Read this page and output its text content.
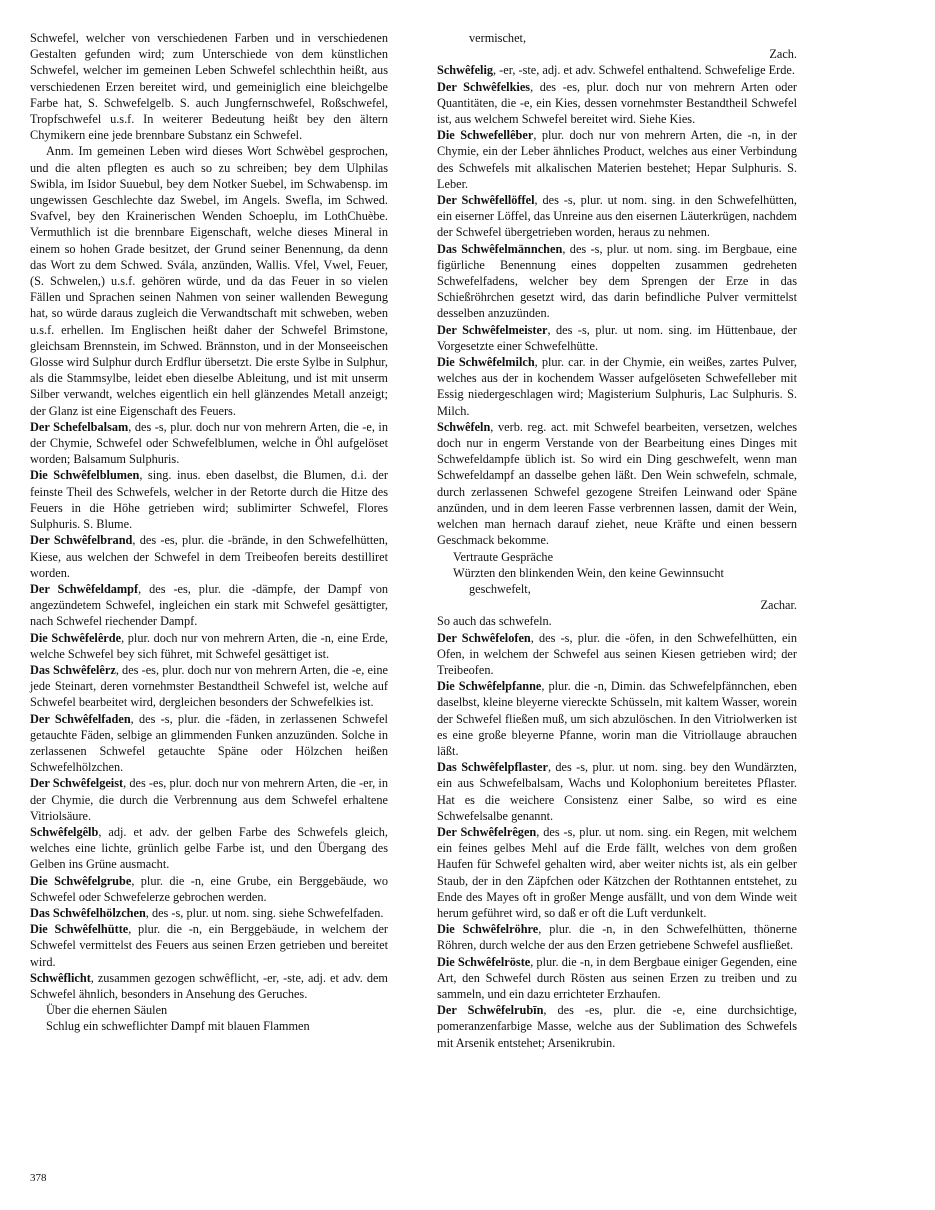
Schwefel, welcher von verschiedenen Farben und in verschiedenen Gestalten gefunden wird; zum Unterschiede von dem künstlichen Schwefel, welcher im gemeinen Leben Schwefel schlechthin heißt, aus verschiedenen Erzen bereitet wird, und gemeiniglich eine bleichgelbe Farbe hat, S. Schwefelgelb. S. auch Jungfernschwefel, Roßschwefel, Tropfschwefel u.s.f. In weiterer Bedeutung heißt bey den ältern Chymikern eine jede brennbare Substanz ein Schwefel.

Anm. Im gemeinen Leben wird dieses Wort Schwèbel gesprochen, und die alten pflegten es auch so zu schreiben; bey dem Ulphilas Swibla, im Isidor Suuebul, bey dem Notker Suebel, im Schwabensp. im ungewissen Geschlechte daz Swebel, im Angels. Swefla, im Schwed. Svafvel, bey den Krainerischen Wenden Schoeplu, im LothChuèbe. Vermuthlich ist die brennbare Eigenschaft, welche dieses Mineral in einem so hohen Grade besitzet, der Grund seiner Benennung, da denn das Wort zu dem Schwed. Svála, anzünden, Wallis. Vfel, Vwel, Feuer, (S. Schwelen,) u.s.f. gehören würde, und da das Feuer in so vielen Fällen und Sprachen seinen Nahmen von seiner wallenden Bewegung hat, so würde daraus zugleich die Verwandtschaft mit schweben, weben u.s.f. erhellen. Im Englischen heißt daher der Schwefel Brimstone, gleichsam Brennstein, im Schwed. Brännston, und in der Monseeischen Glosse wird Sulphur durch Erdflur übersetzt. Die erste Sylbe in Sulphur, als die Stammsylbe, leidet eben dieselbe Ableitung, und ist mit unserm Silber verwandt, welches eigentlich ein hell glänzendes Metall anzeigt; der Glanz ist eine Eigenschaft des Feuers.

Der Schefelbalsam, des -s, plur. doch nur von mehrern Arten, die -e, in der Chymie, Schwefel oder Schwefelblumen, welche in Öhl aufgelöset worden; Balsamum Sulphuris.

Die Schwêfelblumen, sing. inus. eben daselbst, die Blumen, d.i. der feinste Theil des Schwefels, welcher in der Retorte durch die Hitze des Feuers in die Höhe getrieben wird; sublimirter Schwefel, Flores Sulphuris. S. Blume.

Der Schwêfelbrand, des -es, plur. die -brände, in den Schwefelhütten, Kiese, aus welchen der Schwefel in dem Treibeofen bereits destilliret worden.

Der Schwêfeldampf, des -es, plur. die -dämpfe, der Dampf von angezündetem Schwefel, ingleichen ein stark mit Schwefel gesättigter, nach Schwefel riechender Dampf.

Die Schwêfelêrde, plur. doch nur von mehrern Arten, die -n, eine Erde, welche Schwefel bey sich führet, mit Schwefel gesättiget ist.

Das Schwêfelêrz, des -es, plur. doch nur von mehrern Arten, die -e, eine jede Steinart, deren vornehmster Bestandtheil Schwefel ist, welche auf Schwefel bearbeitet wird, dergleichen besonders der Schwefelkies ist.

Der Schwêfelfaden, des -s, plur. die -fäden, in zerlassenen Schwefel getauchte Fäden, selbige an glimmenden Funken anzuzünden. Solche in zerlassenen Schwefel getauchte Späne oder Hölzchen heißen Schwefelhölzchen.

Der Schwêfelgeist, des -es, plur. doch nur von mehrern Arten, die -er, in der Chymie, die durch die Verbrennung aus dem Schwefel erhaltene Vitriolsäure.

Schwêfelgêlb, adj. et adv. der gelben Farbe des Schwefels gleich, welches eine lichte, grünlich gelbe Farbe ist, und den Übergang des Gelben ins Grüne ausmacht.

Die Schwêfelgrube, plur. die -n, eine Grube, ein Berggebäude, wo Schwefel oder Schwefelerze gebrochen werden.

Das Schwêfelhölzchen, des -s, plur. ut nom. sing. siehe Schwefelfaden.

Die Schwêfelhütte, plur. die -n, ein Berggebäude, in welchem der Schwefel vermittelst des Feuers aus seinen Erzen getrieben und bereitet wird.

Schwêflicht, zusammen gezogen schwêflicht, -er, -ste, adj. et adv. dem Schwefel ähnlich, besonders in Ansehung des Geruches.

Über die ehernen Säulen

Schlug ein schweflichter Dampf mit blauen Flammen

vermischet,

Zach.

Schwêfelig, -er, -ste, adj. et adv. Schwefel enthaltend. Schwefelige Erde.

Der Schwêfelkies, des -es, plur. doch nur von mehrern Arten oder Quantitäten, die -e, ein Kies, dessen vornehmster Bestandtheil Schwefel ist, aus welchem Schwefel bereitet wird. Siehe Kies.

Die Schwefellêber, plur. doch nur von mehrern Arten, die -n, in der Chymie, ein der Leber ähnliches Product, welches aus einer Verbindung des Schwefels mit alkalischen Materien bestehet; Hepar Sulphuris. S. Leber.

Der Schwêfellöffel, des -s, plur. ut nom. sing. in den Schwefelhütten, ein eiserner Löffel, das Unreine aus den eisernen Läuterkrügen, nachdem der Schwefel übergetrieben worden, heraus zu nehmen.

Das Schwêfelmännchen, des -s, plur. ut nom. sing. im Bergbaue, eine figürliche Benennung eines doppelten zusammen gedreheten Schwefelfadens, welcher bey dem Sprengen der Erze in das Schießröhrchen gesetzt wird, das darin befindliche Pulver vermittelst desselben anzuzünden.

Der Schwêfelmeister, des -s, plur. ut nom. sing. im Hüttenbaue, der Vorgesetzte einer Schwefelhütte.

Die Schwêfelmilch, plur. car. in der Chymie, ein weißes, zartes Pulver, welches aus der in kochendem Wasser aufgelöseten Schwefelleber mit Essig niedergeschlagen wird; Magisterium Sulphuris, Lac Sulphuris. S. Milch.

Schwêfeln, verb. reg. act. mit Schwefel bearbeiten, versetzen, welches doch nur in engerm Verstande von der Bearbeitung eines Dinges mit Schwefeldampfe üblich ist. So wird ein Ding geschwefelt, wenn man Schwefeldampf an dasselbe gehen läßt. Den Wein schwefeln, schmale, durch zerlassenen Schwefel gezogene Streifen Leinwand oder Späne anzünden, und in dem leeren Fasse verbrennen lassen, damit der Wein, welchen man hernach darauf ziehet, neue Kräfte und einen bessern Geschmack bekomme.

Vertraute Gespräche

Würzten den blinkenden Wein, den keine Gewinnsucht

geschwefelt,

Zachar.

So auch das schwefeln.

Der Schwêfelofen, des -s, plur. die -öfen, in den Schwefelhütten, ein Ofen, in welchem der Schwefel aus seinen Kiesen getrieben wird; der Treibeofen.

Die Schwêfelpfanne, plur. die -n, Dimin. das Schwefelpfännchen, eben daselbst, kleine bleyerne viereckte Schüsseln, mit kaltem Wasser, worein der Schwefel fließen muß, um sich abzulöschen. In den Vitriolwerken ist es eine große bleyerne Pfanne, worin man die Vitriollauge abrauchen läßt.

Das Schwêfelpflaster, des -s, plur. ut nom. sing. bey den Wundärzten, ein aus Schwefelbalsam, Wachs und Kolophonium bereitetes Pflaster. Hat es die weichere Consistenz einer Salbe, so wird es eine Schwefelsalbe genannt.

Der Schwêfelrêgen, des -s, plur. ut nom. sing. ein Regen, mit welchem ein feines gelbes Mehl auf die Erde fällt, welches von dem großen Haufen für Schwefel gehalten wird, aber weiter nichts ist, als ein gelber Staub, der in den Zäpfchen oder Kätzchen der Rothtannen entstehet, zu Ende des Mayes oft in großer Menge ausfällt, und von dem Winde weit herum geführet wird, so daß er oft die Luft verdunkelt.

Die Schwêfelröhre, plur. die -n, in den Schwefelhütten, thönerne Röhren, durch welche der aus den Erzen getriebene Schwefel ausfließet.

Die Schwêfelröste, plur. die -n, in dem Bergbaue einiger Gegenden, eine Art, den Schwefel durch Rösten aus seinen Erzen zu treiben und zu sammeln, und ein dazu errichteter Erzhaufen.

Der Schwêfelrubīn, des -es, plur. die -e, eine durchsichtige, pomeranzenfarbige Masse, welche aus der Sublimation des Schwefels mit Arsenik entstehet; Arsenikrubin.

378
